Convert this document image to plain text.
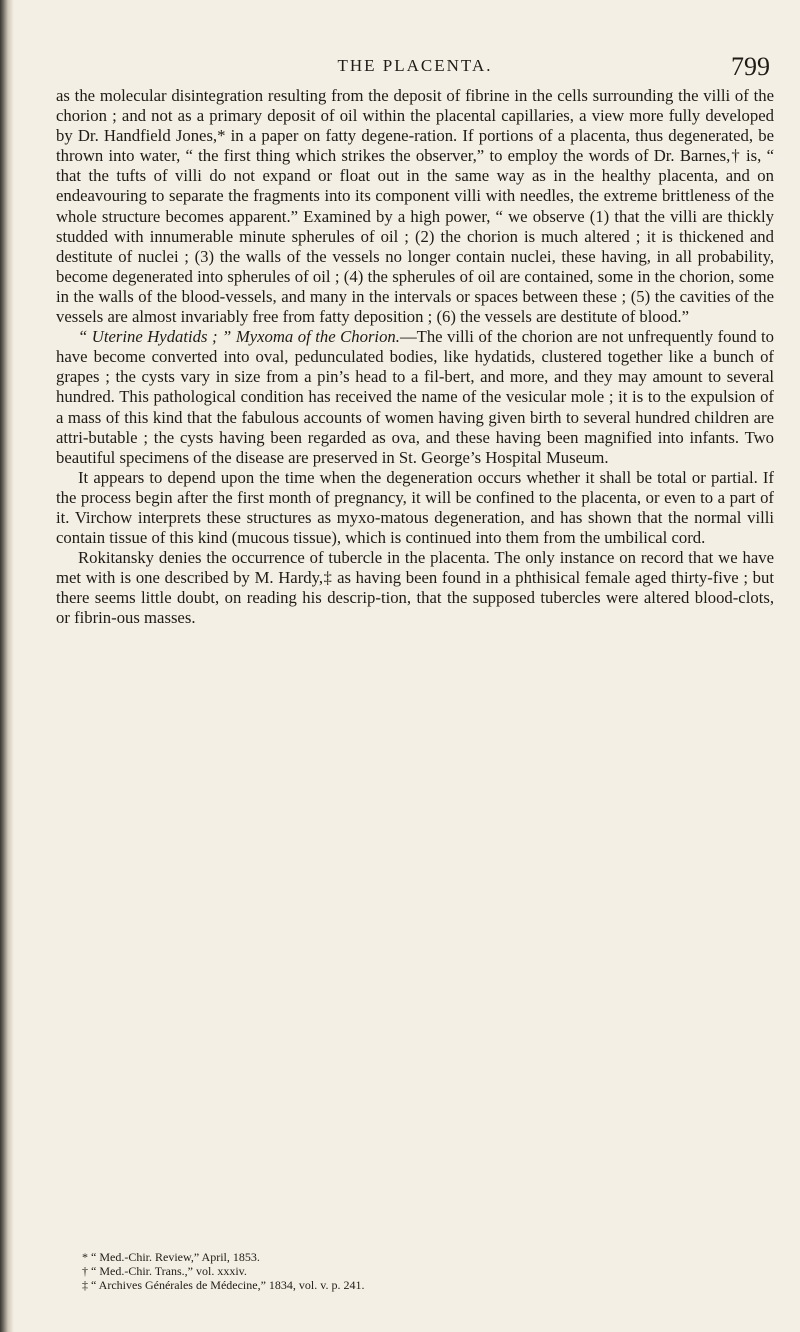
THE PLACENTA.	799

as the molecular disintegration resulting from the deposit of fibrine in the cells surrounding the villi of the chorion ; and not as a primary deposit of oil within the placental capillaries, a view more fully developed by Dr. Handfield Jones,* in a paper on fatty degene-ration. If portions of a placenta, thus degenerated, be thrown into water, “ the first thing which strikes the observer,” to employ the words of Dr. Barnes,† is, “ that the tufts of villi do not expand or float out in the same way as in the healthy placenta, and on endeavouring to separate the fragments into its component villi with needles, the extreme brittleness of the whole structure becomes apparent.” Examined by a high power, “ we observe (1) that the villi are thickly studded with innumerable minute spherules of oil ; (2) the chorion is much altered ; it is thickened and destitute of nuclei ; (3) the walls of the vessels no longer contain nuclei, these having, in all probability, become degenerated into spherules of oil ; (4) the spherules of oil are contained, some in the chorion, some in the walls of the blood-vessels, and many in the intervals or spaces between these ; (5) the cavities of the vessels are almost invariably free from fatty deposition ; (6) the vessels are destitute of blood.”

“ Uterine Hydatids ; ” Myxoma of the Chorion.—The villi of the chorion are not unfrequently found to have become converted into oval, pedunculated bodies, like hydatids, clustered together like a bunch of grapes ; the cysts vary in size from a pin’s head to a fil-bert, and more, and they may amount to several hundred. This pathological condition has received the name of the vesicular mole ; it is to the expulsion of a mass of this kind that the fabulous accounts of women having given birth to several hundred children are attri-butable ; the cysts having been regarded as ova, and these having been magnified into infants. Two beautiful specimens of the disease are preserved in St. George’s Hospital Museum.

It appears to depend upon the time when the degeneration occurs whether it shall be total or partial. If the process begin after the first month of pregnancy, it will be confined to the placenta, or even to a part of it. Virchow interprets these structures as myxo-matous degeneration, and has shown that the normal villi contain tissue of this kind (mucous tissue), which is continued into them from the umbilical cord.

Rokitansky denies the occurrence of tubercle in the placenta. The only instance on record that we have met with is one described by M. Hardy,‡ as having been found in a phthisical female aged thirty-five ; but there seems little doubt, on reading his descrip-tion, that the supposed tubercles were altered blood-clots, or fibrin-ous masses.

* “ Med.-Chir. Review,” April, 1853.
† “ Med.-Chir. Trans.,” vol. xxxiv.
‡ “ Archives Générales de Médecine,” 1834, vol. v. p. 241.
